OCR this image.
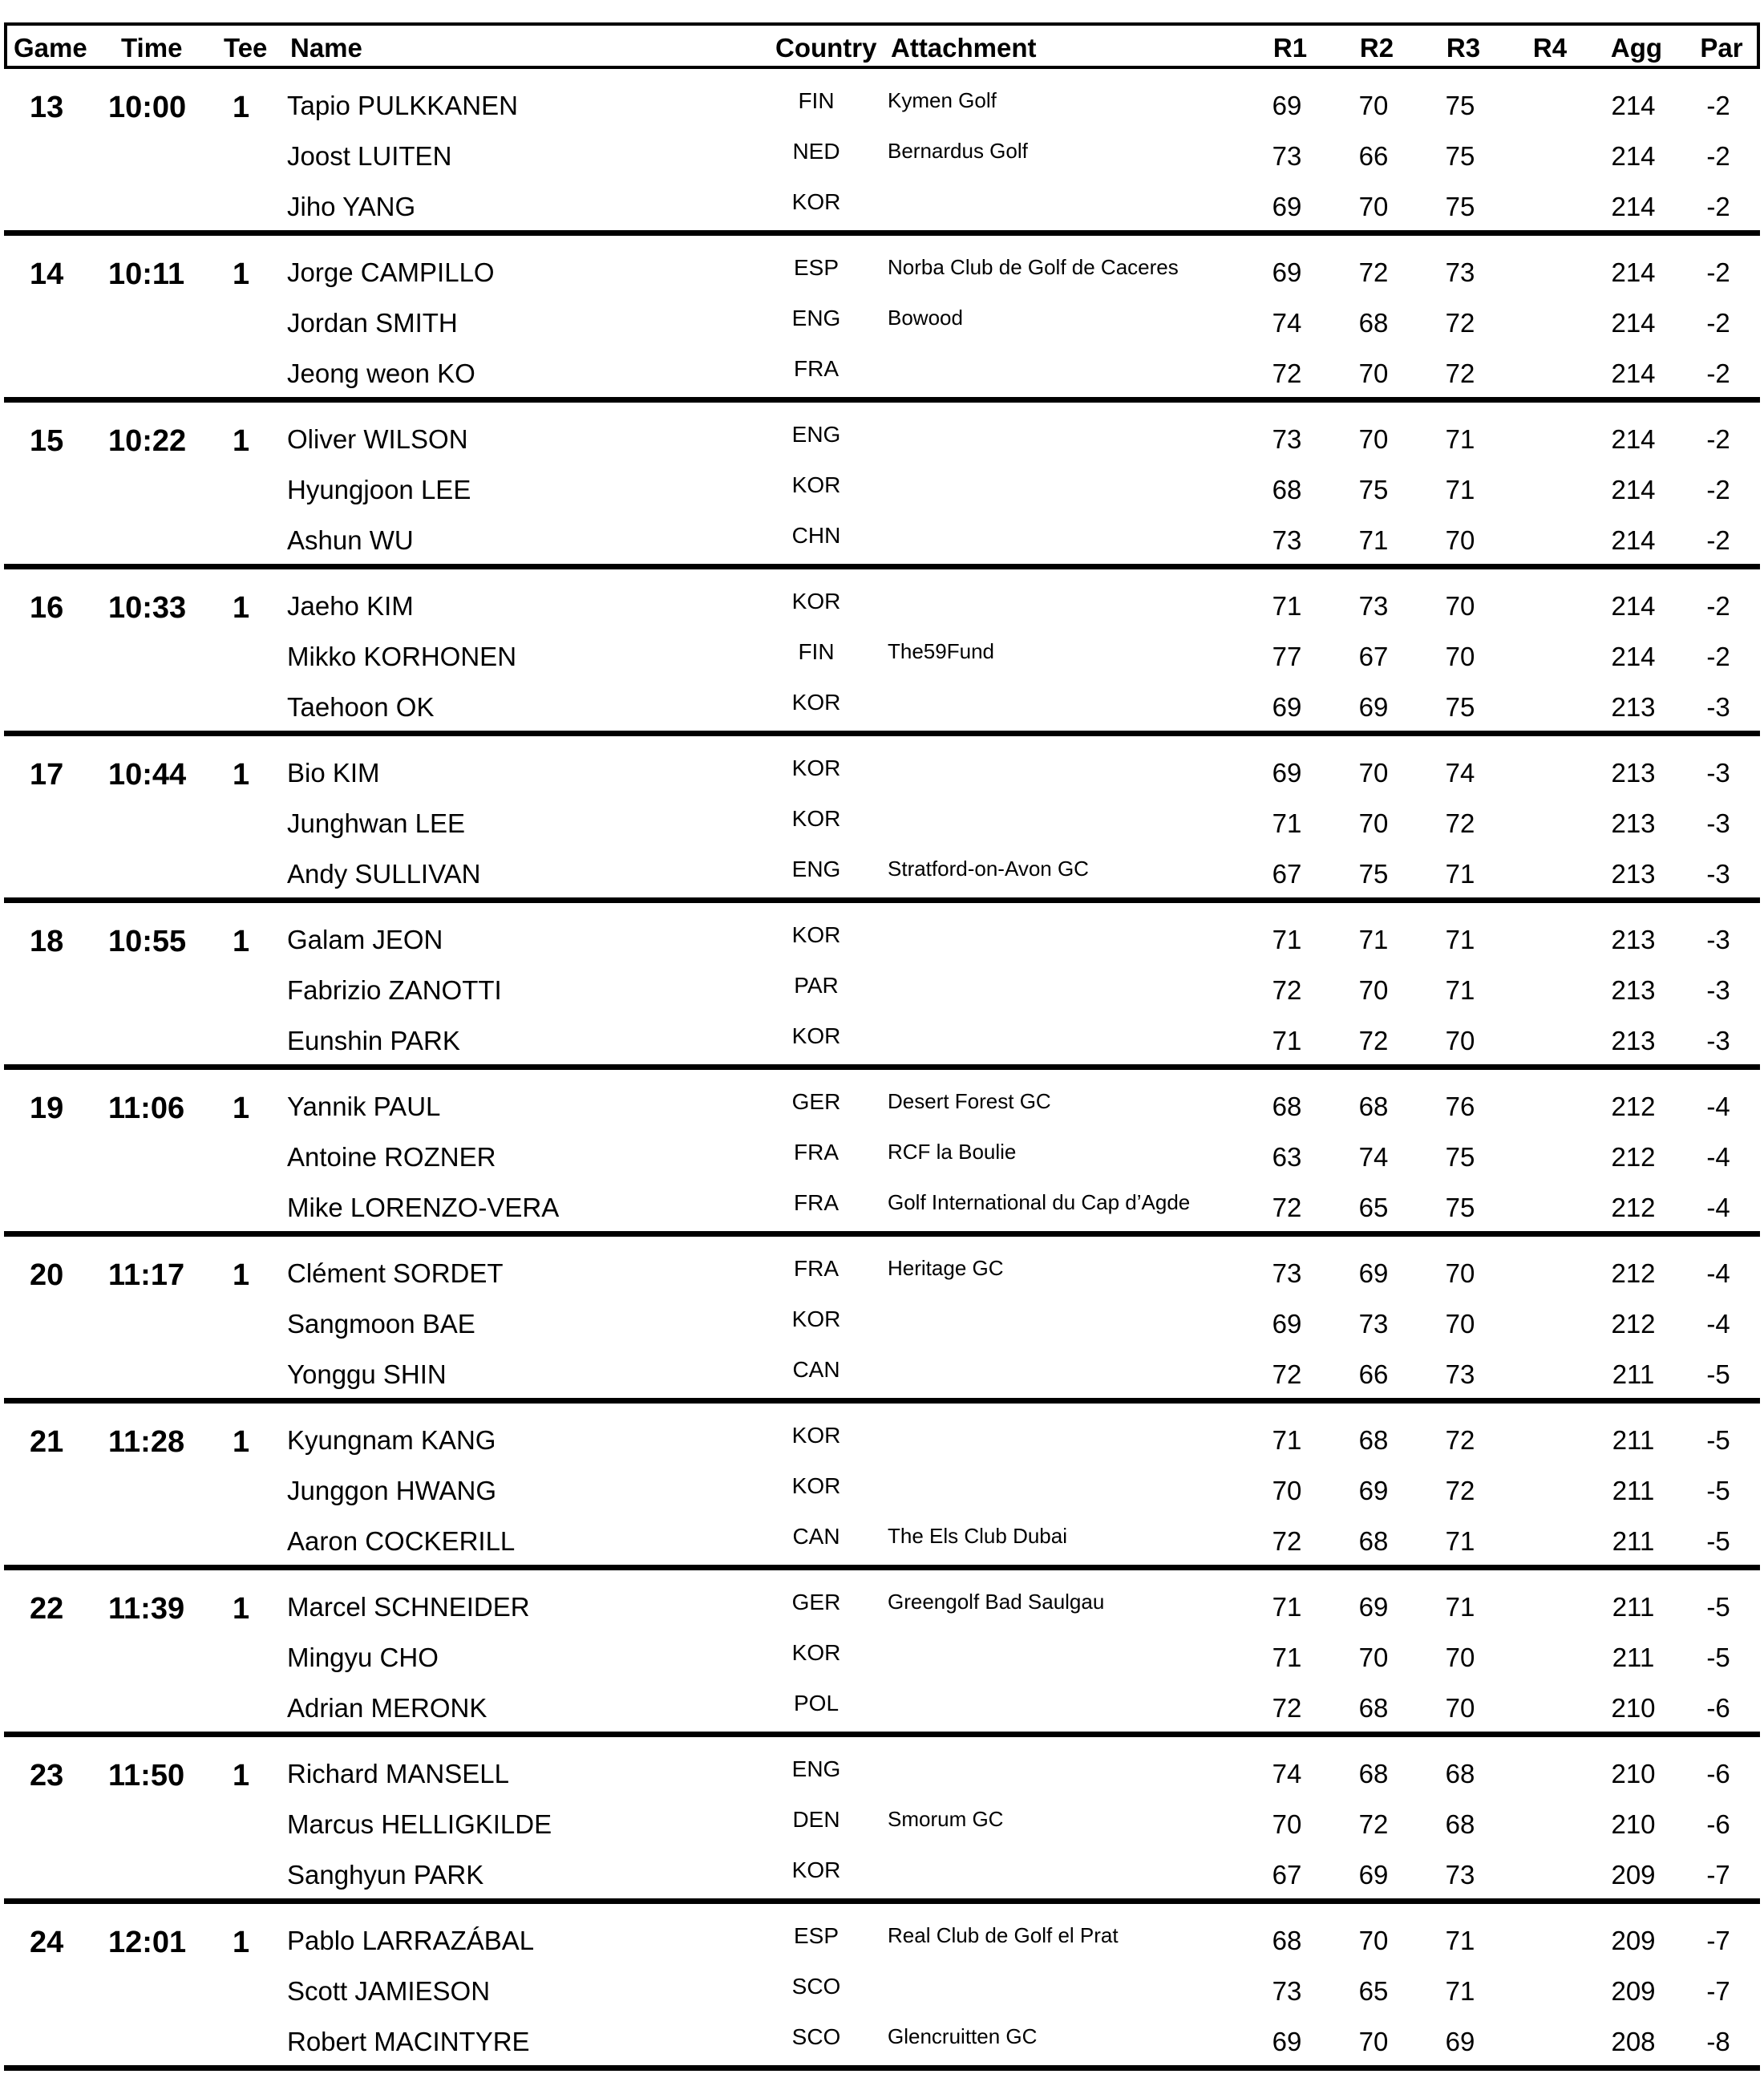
Game Time Tee Name	Country Attachment	R1	R2	R3	R4	Agg	Par
13 10:00 1 Tapio PULKKANEN	FIN	Kymen Golf	69	70	75	214	-2
Joost LUITEN	NED	Bernardus Golf	73	66	75	214	-2
Jiho YANG	KOR	69	70	75	214	-2
14 10:11 1 Jorge CAMPILLO	ESP	Norba Club de Golf de Caceres	69	72	73	214	-2
Jordan SMITH	ENG	Bowood	74	68	72	214	-2
Jeong weon KO	FRA	72	70	72	214	-2
15 10:22 1 Oliver WILSON	ENG	73	70	71	214	-2
Hyungjoon LEE	KOR	68	75	71	214	-2
Ashun WU	CHN	73	71	70	214	-2
16 10:33 1 Jaeho KIM	KOR	71	73	70	214	-2
Mikko KORHONEN	FIN	The59Fund	77	67	70	214	-2
Taehoon OK	KOR	69	69	75	213	-3
17 10:44 1 Bio KIM	KOR	69	70	74	213	-3
Junghwan LEE	KOR	71	70	72	213	-3
Andy SULLIVAN	ENG	Stratford-on-Avon GC	67	75	71	213	-3
18 10:55 1 Galam JEON	KOR	71	71	71	213	-3
Fabrizio ZANOTTI	PAR	72	70	71	213	-3
Eunshin PARK	KOR	71	72	70	213	-3
19 11:06 1 Yannik PAUL	GER	Desert Forest GC	68	68	76	212	-4
Antoine ROZNER	FRA	RCF la Boulie	63	74	75	212	-4
Mike LORENZO-VERA	FRA	Golf International du Cap d’Agde	72	65	75	212	-4
20 11:17 1 Clément SORDET	FRA	Heritage GC	73	69	70	212	-4
Sangmoon BAE	KOR	69	73	70	212	-4
Yonggu SHIN	CAN	72	66	73	211	-5
21 11:28 1 Kyungnam KANG	KOR	71	68	72	211	-5
Junggon HWANG	KOR	70	69	72	211	-5
Aaron COCKERILL	CAN	The Els Club Dubai	72	68	71	211	-5
22 11:39 1 Marcel SCHNEIDER	GER	Greengolf Bad Saulgau	71	69	71	211	-5
Mingyu CHO	KOR	71	70	70	211	-5
Adrian MERONK	POL	72	68	70	210	-6
23 11:50 1 Richard MANSELL	ENG	74	68	68	210	-6
Marcus HELLIGKILDE	DEN	Smorum GC	70	72	68	210	-6
Sanghyun PARK	KOR	67	69	73	209	-7
24 12:01 1 Pablo LARRAZÁBAL	ESP	Real Club de Golf el Prat	68	70	71	209	-7
Scott JAMIESON	SCO	73	65	71	209	-7
Robert MACINTYRE	SCO	Glencruitten GC	69	70	69	208	-8
